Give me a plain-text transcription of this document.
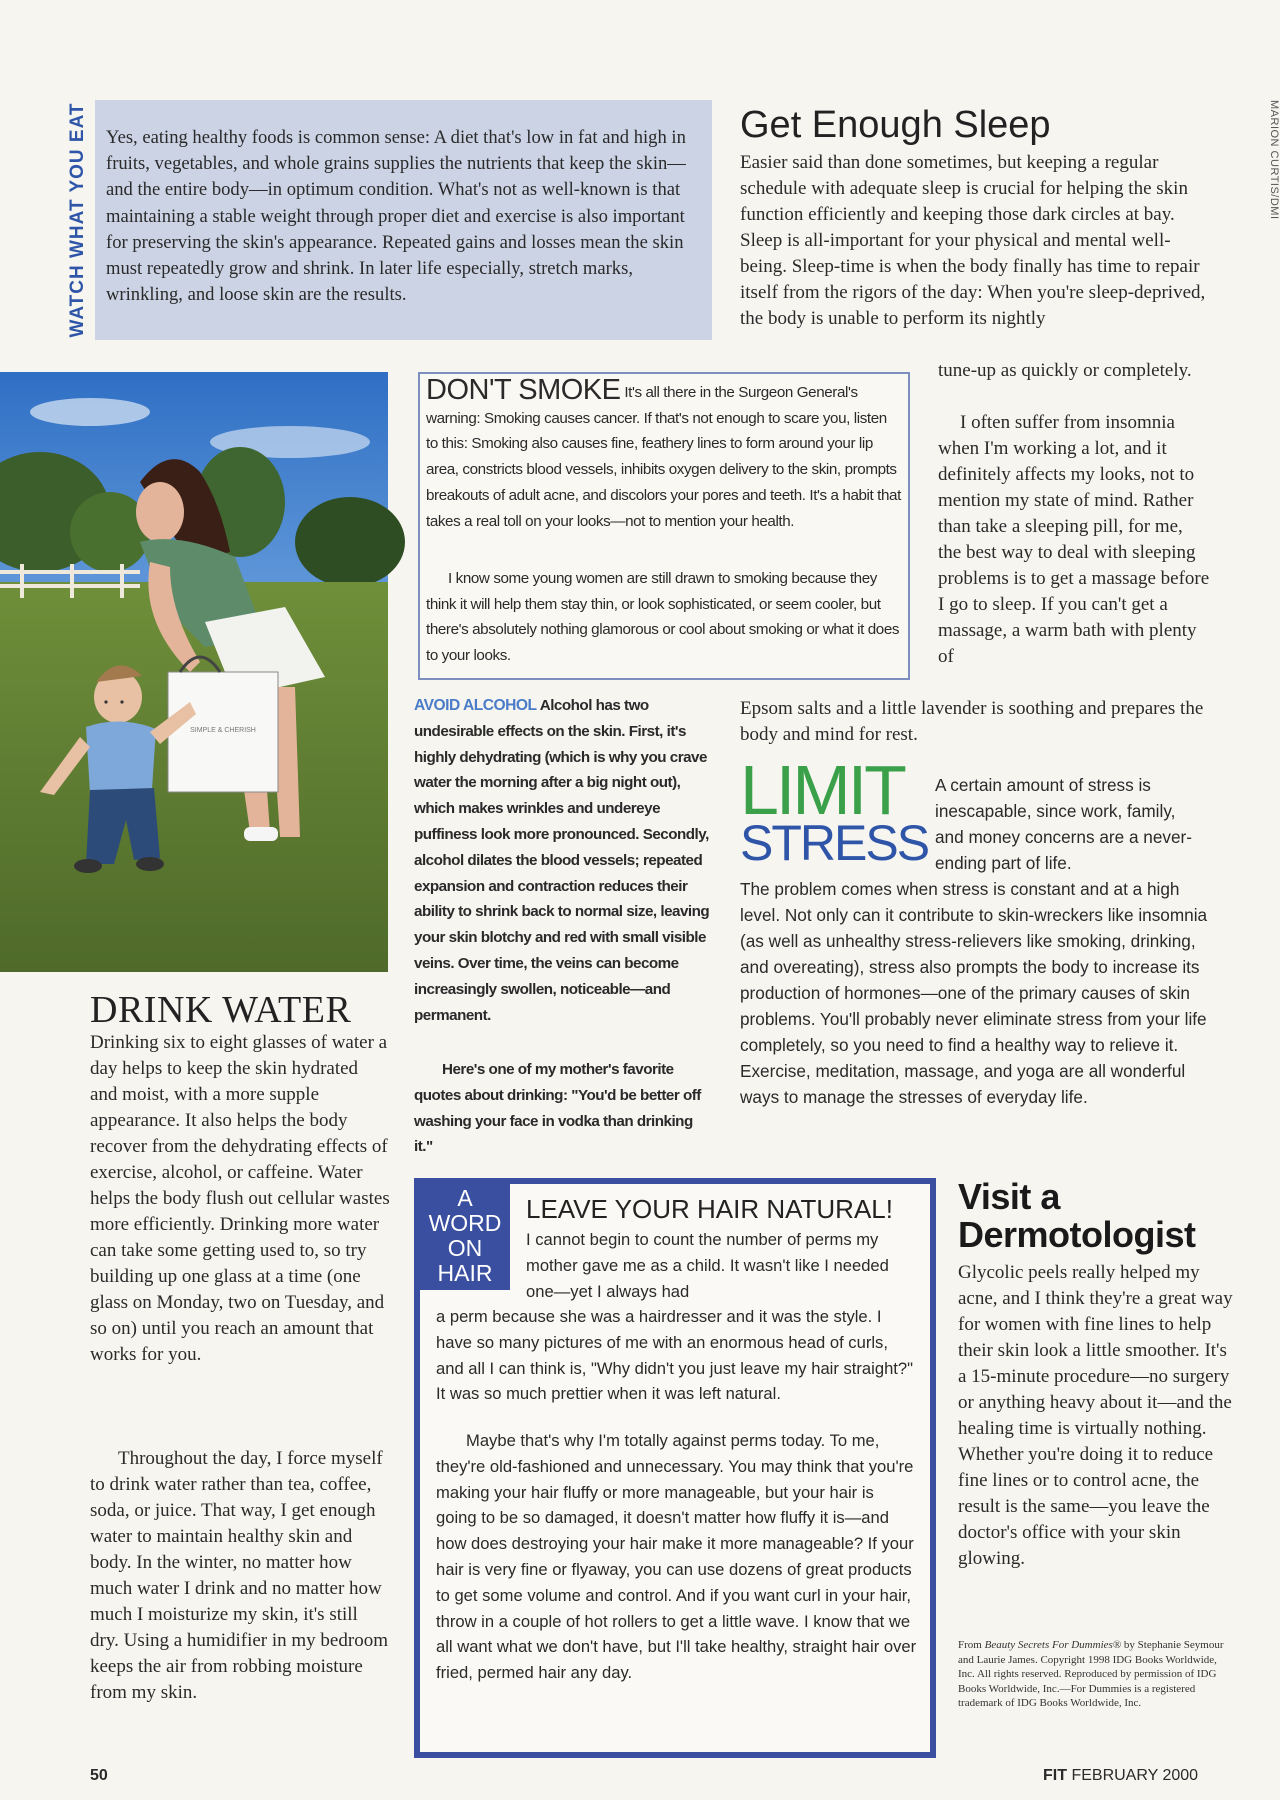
WATCH WHAT YOU EAT Yes, eating healthy foods is common sense: A diet that's low in fat and high in fruits, vegetables, and whole grains supplies the nutrients that keep the skin—and the entire body—in optimum condition. What's not as well-known is that maintaining a stable weight through proper diet and exercise is also important for preserving the skin's appearance. Repeated gains and losses mean the skin must repeatedly grow and shrink. In later life especially, stretch marks, wrinkling, and loose skin are the results.
Get Enough Sleep
Easier said than done sometimes, but keeping a regular schedule with adequate sleep is crucial for helping the skin function efficiently and keeping those dark circles at bay. Sleep is all-important for your physical and mental well-being. Sleep-time is when the body finally has time to repair itself from the rigors of the day: When you're sleep-deprived, the body is unable to perform its nightly
tune-up as quickly or completely.
I often suffer from insomnia when I'm working a lot, and it definitely affects my looks, not to mention my state of mind. Rather than take a sleeping pill, for me, the best way to deal with sleeping problems is to get a massage before I go to sleep. If you can't get a massage, a warm bath with plenty of
Epsom salts and a little lavender is soothing and prepares the body and mind for rest.
SIMPLE & CHERISH
DON'T SMOKE It's all there in the Surgeon General's warning: Smoking causes cancer. If that's not enough to scare you, listen to this: Smoking also causes fine, feathery lines to form around your lip area, constricts blood vessels, inhibits oxygen delivery to the skin, prompts breakouts of adult acne, and discolors your pores and teeth. It's a habit that takes a real toll on your looks—not to mention your health.
I know some young women are still drawn to smoking because they think it will help them stay thin, or look sophisticated, or seem cooler, but there's absolutely nothing glamorous or cool about smoking or what it does to your looks.
AVOID ALCOHOL Alcohol has two undesirable effects on the skin. First, it's highly dehydrating (which is why you crave water the morning after a big night out), which makes wrinkles and undereye puffiness look more pronounced. Secondly, alcohol dilates the blood vessels; repeated expansion and contraction reduces their ability to shrink back to normal size, leaving your skin blotchy and red with small visible veins. Over time, the veins can become increasingly swollen, noticeable—and permanent.
Here's one of my mother's favorite quotes about drinking: "You'd be better off washing your face in vodka than drinking it."
LIMIT
STRESS
A certain amount of stress is inescapable, since work, family, and money concerns are a never-ending part of life.
The problem comes when stress is constant and at a high level. Not only can it contribute to skin-wreckers like insomnia (as well as unhealthy stress-relievers like smoking, drinking, and overeating), stress also prompts the body to increase its production of hormones—one of the primary causes of skin problems. You'll probably never eliminate stress from your life completely, so you need to find a healthy way to relieve it. Exercise, meditation, massage, and yoga are all wonderful ways to manage the stresses of everyday life.
DRINK WATER
Drinking six to eight glasses of water a day helps to keep the skin hydrated and moist, with a more supple appearance. It also helps the body recover from the dehydrating effects of exercise, alcohol, or caffeine. Water helps the body flush out cellular wastes more efficiently. Drinking more water can take some getting used to, so try building up one glass at a time (one glass on Monday, two on Tuesday, and so on) until you reach an amount that works for you.
Throughout the day, I force myself to drink water rather than tea, coffee, soda, or juice. That way, I get enough water to maintain healthy skin and body. In the winter, no matter how much water I drink and no matter how much I moisturize my skin, it's still dry. Using a humidifier in my bedroom keeps the air from robbing moisture from my skin.
A
WORD
ON
HAIR
LEAVE YOUR HAIR NATURAL!
I cannot begin to count the number of perms my mother gave me as a child. It wasn't like I needed one—yet I always had
a perm because she was a hairdresser and it was the style. I have so many pictures of me with an enormous head of curls, and all I can think is, "Why didn't you just leave my hair straight?" It was so much prettier when it was left natural.
Maybe that's why I'm totally against perms today. To me, they're old-fashioned and unnecessary. You may think that you're making your hair fluffy or more manageable, but your hair is going to be so damaged, it doesn't matter how fluffy it is—and how does destroying your hair make it more manageable? If your hair is very fine or flyaway, you can use dozens of great products to get some volume and control. And if you want curl in your hair, throw in a couple of hot rollers to get a little wave. I know that we all want what we don't have, but I'll take healthy, straight hair over fried, permed hair any day.
Visit a Dermotologist
Glycolic peels really helped my acne, and I think they're a great way for women with fine lines to help their skin look a little smoother. It's a 15-minute procedure—no surgery or anything heavy about it—and the healing time is virtually nothing. Whether you're doing it to reduce fine lines or to control acne, the result is the same—you leave the doctor's office with your skin glowing.
From Beauty Secrets For Dummies® by Stephanie Seymour and Laurie James. Copyright 1998 IDG Books Worldwide, Inc. All rights reserved. Reproduced by permission of IDG Books Worldwide, Inc.—For Dummies is a registered trademark of IDG Books Worldwide, Inc.
50	FIT FEBRUARY 2000
MARION CURTIS/DMI
